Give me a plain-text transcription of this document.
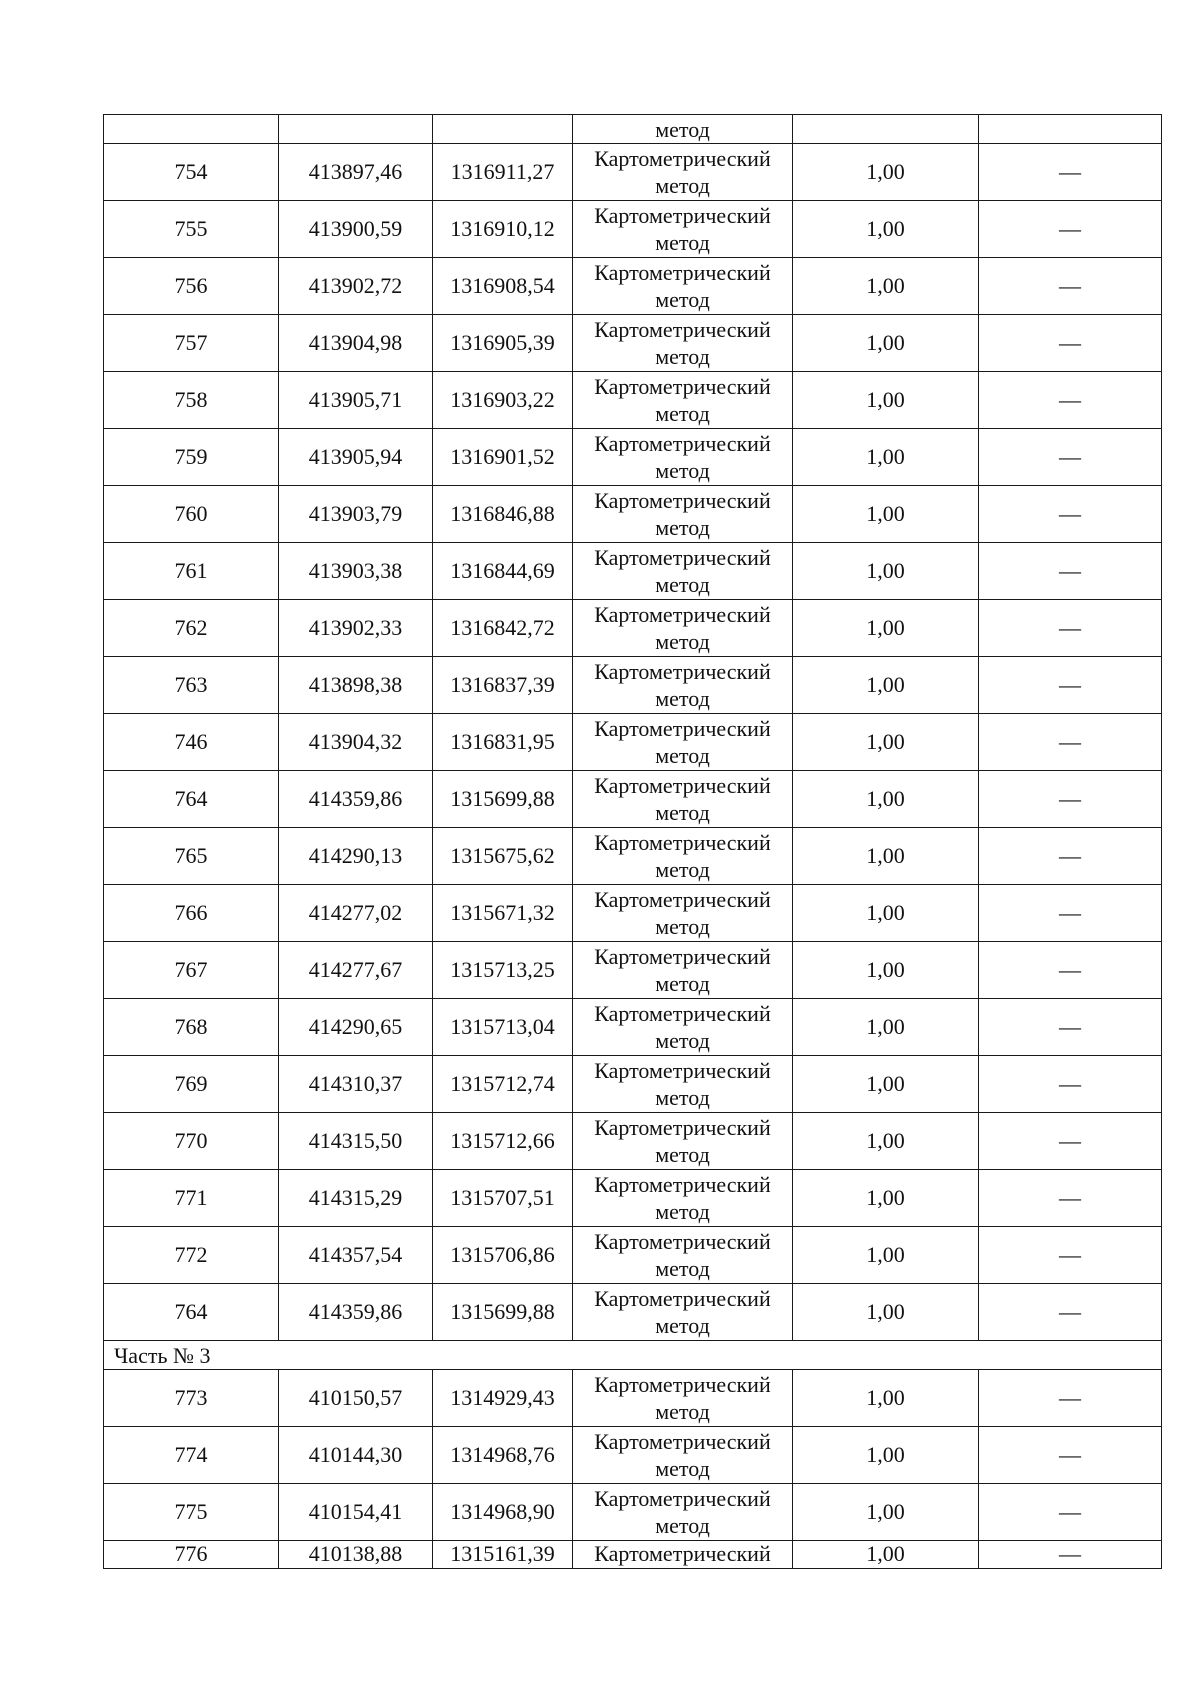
			метод		
754	413897,46	1316911,27	Картометрический метод	1,00	—
755	413900,59	1316910,12	Картометрический метод	1,00	—
756	413902,72	1316908,54	Картометрический метод	1,00	—
757	413904,98	1316905,39	Картометрический метод	1,00	—
758	413905,71	1316903,22	Картометрический метод	1,00	—
759	413905,94	1316901,52	Картометрический метод	1,00	—
760	413903,79	1316846,88	Картометрический метод	1,00	—
761	413903,38	1316844,69	Картометрический метод	1,00	—
762	413902,33	1316842,72	Картометрический метод	1,00	—
763	413898,38	1316837,39	Картометрический метод	1,00	—
746	413904,32	1316831,95	Картометрический метод	1,00	—
764	414359,86	1315699,88	Картометрический метод	1,00	—
765	414290,13	1315675,62	Картометрический метод	1,00	—
766	414277,02	1315671,32	Картометрический метод	1,00	—
767	414277,67	1315713,25	Картометрический метод	1,00	—
768	414290,65	1315713,04	Картометрический метод	1,00	—
769	414310,37	1315712,74	Картометрический метод	1,00	—
770	414315,50	1315712,66	Картометрический метод	1,00	—
771	414315,29	1315707,51	Картометрический метод	1,00	—
772	414357,54	1315706,86	Картометрический метод	1,00	—
764	414359,86	1315699,88	Картометрический метод	1,00	—
Часть № 3					
773	410150,57	1314929,43	Картометрический метод	1,00	—
774	410144,30	1314968,76	Картометрический метод	1,00	—
775	410154,41	1314968,90	Картометрический метод	1,00	—
776	410138,88	1315161,39	Картометрический	1,00	—
